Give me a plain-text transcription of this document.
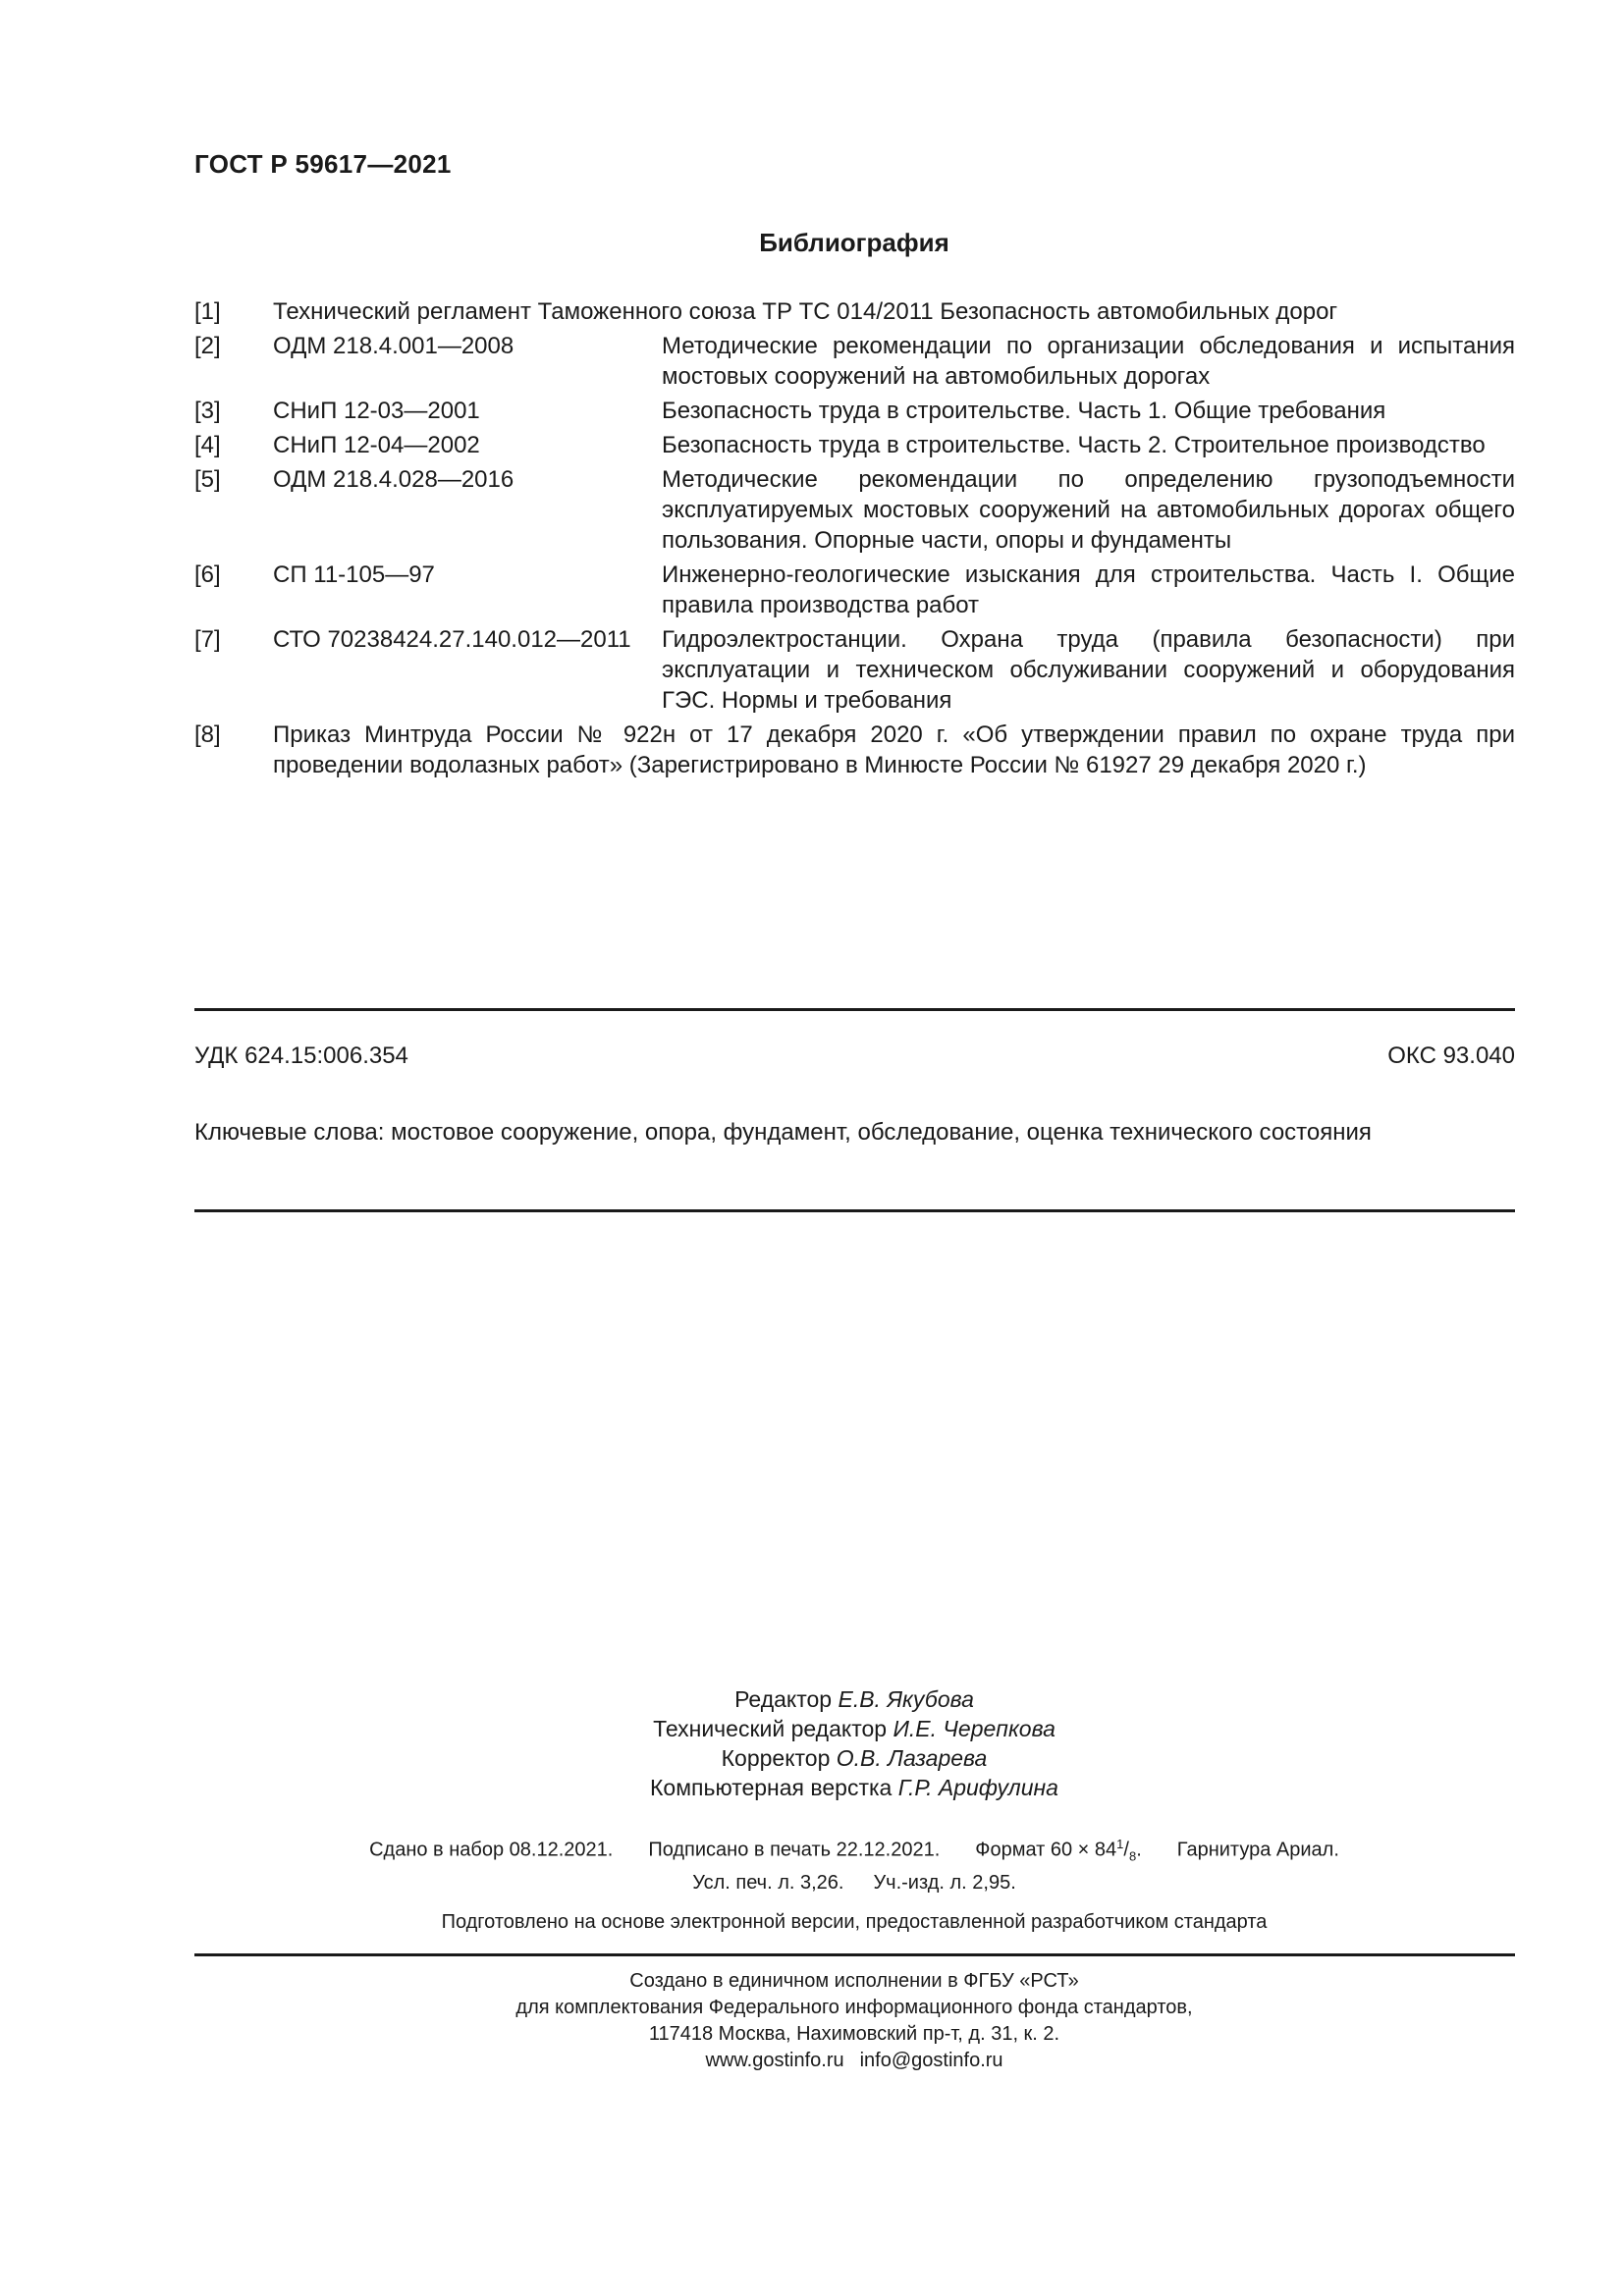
ГОСТ Р 59617—2021
Библиография
[1] Технический регламент Таможенного союза ТР ТС 014/2011 Безопасность автомобильных дорог
[2] ОДМ 218.4.001—2008	Методические рекомендации по организации обследования и испытания мостовых сооружений на автомобильных дорогах
[3] СНиП 12-03—2001	Безопасность труда в строительстве. Часть 1. Общие требования
[4] СНиП 12-04—2002	Безопасность труда в строительстве. Часть 2. Строительное производство
[5] ОДМ 218.4.028—2016	Методические рекомендации по определению грузоподъемности эксплуатируемых мостовых сооружений на автомобильных дорогах общего пользования. Опорные части, опоры и фундаменты
[6] СП 11-105—97	Инженерно-геологические изыскания для строительства. Часть I. Общие правила производства работ
[7] СТО 70238424.27.140.012—2011 Гидроэлектростанции. Охрана труда (правила безопасности) при эксплуатации и техническом обслуживании сооружений и оборудования ГЭС. Нормы и требования
[8] Приказ Минтруда России № 922н от 17 декабря 2020 г. «Об утверждении правил по охране труда при проведении водолазных работ» (Зарегистрировано в Минюсте России № 61927 29 декабря 2020 г.)
УДК 624.15:006.354	ОКС 93.040
Ключевые слова: мостовое сооружение, опора, фундамент, обследование, оценка технического состояния
Редактор Е.В. Якубова
Технический редактор И.Е. Черепкова
Корректор О.В. Лазарева
Компьютерная верстка Г.Р. Арифулина
Сдано в набор 08.12.2021. Подписано в печать 22.12.2021. Формат $60 \times 84^1/_8$. Гарнитура Ариал.
Усл. печ. л. 3,26. Уч.-изд. л. 2,95.
Подготовлено на основе электронной версии, предоставленной разработчиком стандарта
Создано в единичном исполнении в ФГБУ «РСТ»
для комплектования Федерального информационного фонда стандартов,
117418 Москва, Нахимовский пр-т, д. 31, к. 2.
www.gostinfo.ru info@gostinfo.ru
